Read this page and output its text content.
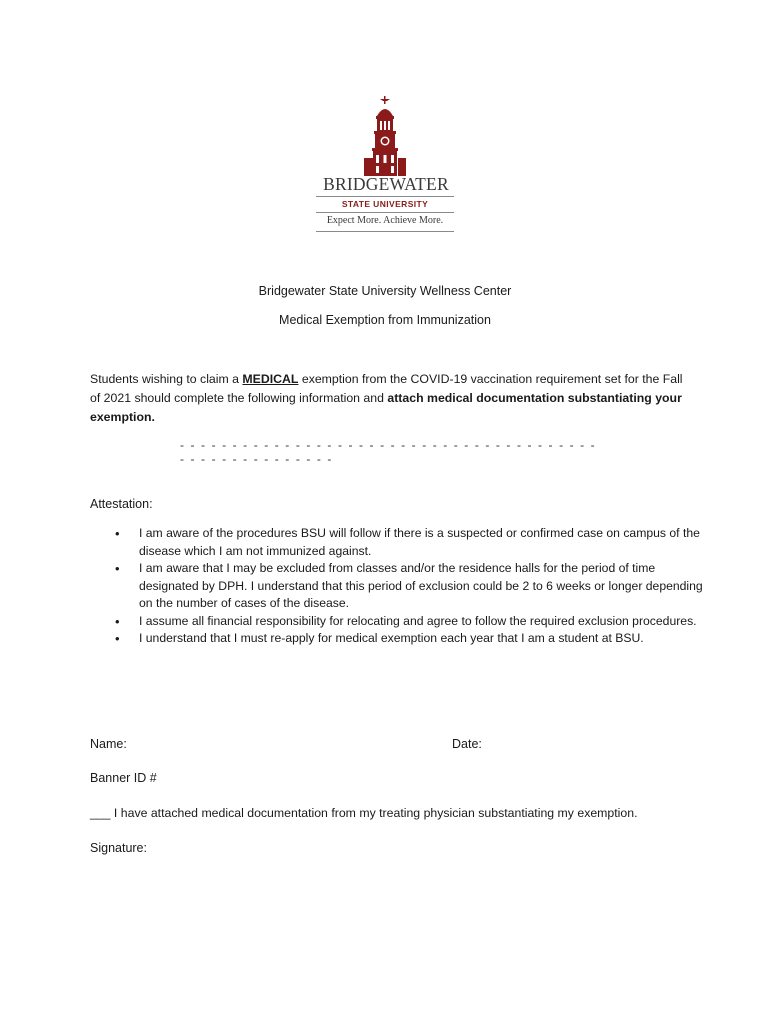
BRIDGEWATER
STATE UNIVERSITY
Expect More. Achieve More.
Bridgewater State University Wellness Center
Medical Exemption from Immunization
Students wishing to claim a MEDICAL exemption from the COVID-19 vaccination requirement set for the Fall of 2021 should complete the following information and attach medical documentation substantiating your exemption.
- - - - - - - - - - - - - - - - - - - - - - - - - - - - - - - - - - - - - - - - - - - - - - - - - - - - - - -
Attestation:
• I am aware of the procedures BSU will follow if there is a suspected or confirmed case on campus of the disease which I am not immunized against.
• I am aware that I may be excluded from classes and/or the residence halls for the period of time designated by DPH. I understand that this period of exclusion could be 2 to 6 weeks or longer depending on the number of cases of the disease.
• I assume all financial responsibility for relocating and agree to follow the required exclusion procedures.
• I understand that I must re-apply for medical exemption each year that I am a student at BSU.
Name:	Date:
Banner ID #
___ I have attached medical documentation from my treating physician substantiating my exemption.
Signature:
